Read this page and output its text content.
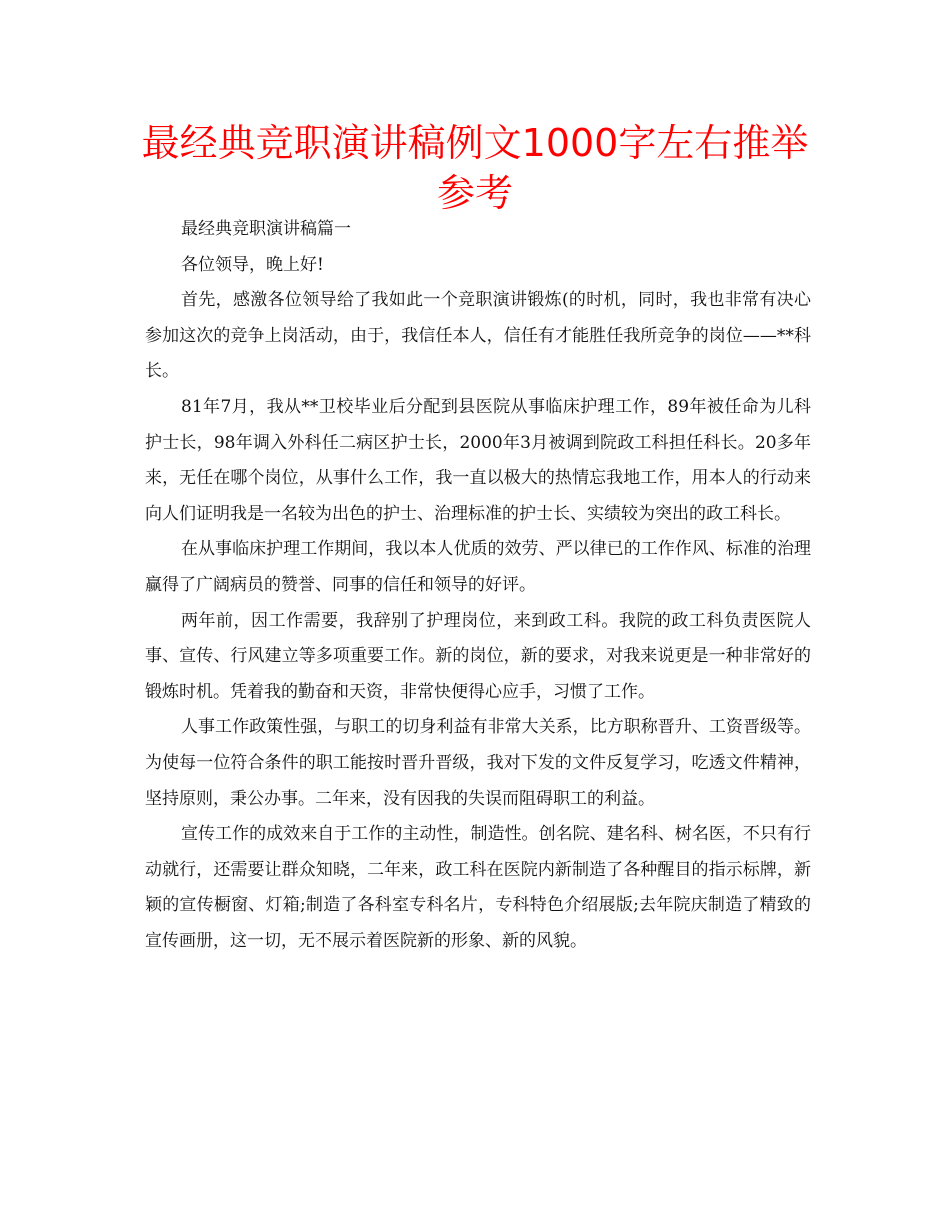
最经典竞职演讲稿例文1000字左右推举参考

最经典竞职演讲稿篇一

各位领导，晚上好!

首先，感激各位领导给了我如此一个竞职演讲锻炼(的时机，同时，我也非常有决心参加这次的竞争上岗活动，由于，我信任本人，信任有才能胜任我所竞争的岗位——**科长。

81年7月，我从**卫校毕业后分配到县医院从事临床护理工作，89年被任命为儿科护士长，98年调入外科任二病区护士长，2000年3月被调到院政工科担任科长。20多年来，无任在哪个岗位，从事什么工作，我一直以极大的热情忘我地工作，用本人的行动来向人们证明我是一名较为出色的护士、治理标准的护士长、实绩较为突出的政工科长。

在从事临床护理工作期间，我以本人优质的效劳、严以律已的工作作风、标准的治理赢得了广阔病员的赞誉、同事的信任和领导的好评。

两年前，因工作需要，我辞别了护理岗位，来到政工科。我院的政工科负责医院人事、宣传、行风建立等多项重要工作。新的岗位，新的要求，对我来说更是一种非常好的锻炼时机。凭着我的勤奋和天资，非常快便得心应手，习惯了工作。

人事工作政策性强，与职工的切身利益有非常大关系，比方职称晋升、工资晋级等。为使每一位符合条件的职工能按时晋升晋级，我对下发的文件反复学习，吃透文件精神，坚持原则，秉公办事。二年来，没有因我的失误而阻碍职工的利益。

宣传工作的成效来自于工作的主动性，制造性。创名院、建名科、树名医，不只有行动就行，还需要让群众知晓，二年来，政工科在医院内新制造了各种醒目的指示标牌，新颖的宣传橱窗、灯箱;制造了各科室专科名片，专科特色介绍展版;去年院庆制造了精致的宣传画册，这一切，无不展示着医院新的形象、新的风貌。
